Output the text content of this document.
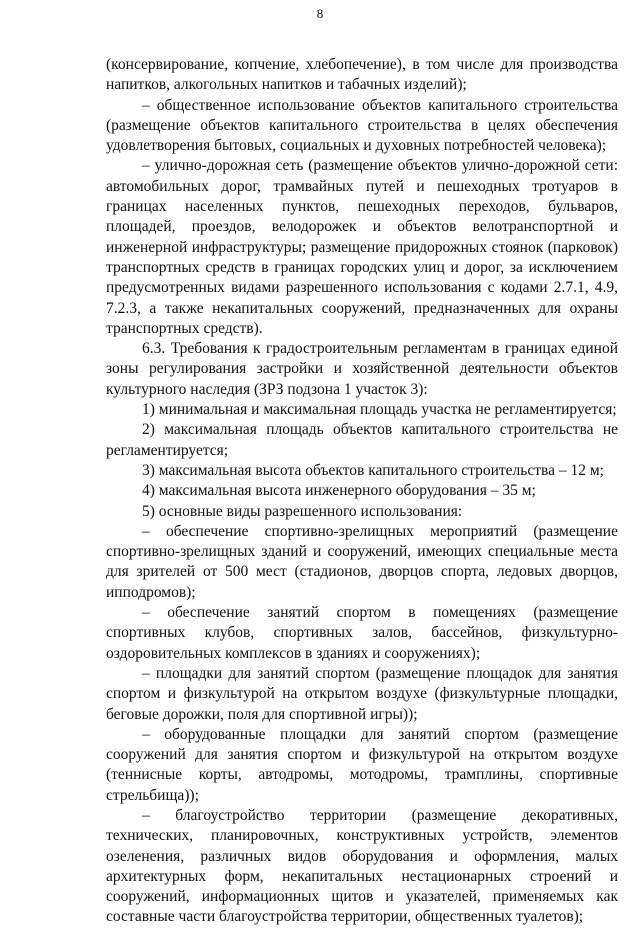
8

(консервирование, копчение, хлебопечение), в том числе для производства напитков, алкогольных напитков и табачных изделий);

– общественное использование объектов капитального строительства (размещение объектов капитального строительства в целях обеспечения удовлетворения бытовых, социальных и духовных потребностей человека);

– улично-дорожная сеть (размещение объектов улично-дорожной сети: автомобильных дорог, трамвайных путей и пешеходных тротуаров в границах населенных пунктов, пешеходных переходов, бульваров, площадей, проездов, велодорожек и объектов велотранспортной и инженерной инфраструктуры; размещение придорожных стоянок (парковок) транспортных средств в границах городских улиц и дорог, за исключением предусмотренных видами разрешенного использования с кодами 2.7.1, 4.9, 7.2.3, а также некапитальных сооружений, предназначенных для охраны транспортных средств).

6.3. Требования к градостроительным регламентам в границах единой зоны регулирования застройки и хозяйственной деятельности объектов культурного наследия (ЗРЗ подзона 1 участок 3):

1) минимальная и максимальная площадь участка не регламентируется;

2) максимальная площадь объектов капитального строительства не регламентируется;

3) максимальная высота объектов капитального строительства – 12 м;

4) максимальная высота инженерного оборудования – 35 м;

5) основные виды разрешенного использования:

– обеспечение спортивно-зрелищных мероприятий (размещение спортивно-зрелищных зданий и сооружений, имеющих специальные места для зрителей от 500 мест (стадионов, дворцов спорта, ледовых дворцов, ипподромов);

– обеспечение занятий спортом в помещениях (размещение спортивных клубов, спортивных залов, бассейнов, физкультурно-оздоровительных комплексов в зданиях и сооружениях);

– площадки для занятий спортом (размещение площадок для занятия спортом и физкультурой на открытом воздухе (физкультурные площадки, беговые дорожки, поля для спортивной игры));

– оборудованные площадки для занятий спортом (размещение сооружений для занятия спортом и физкультурой на открытом воздухе (теннисные корты, автодромы, мотодромы, трамплины, спортивные стрельбища));

– благоустройство территории (размещение декоративных, технических, планировочных, конструктивных устройств, элементов озеленения, различных видов оборудования и оформления, малых архитектурных форм, некапитальных нестационарных строений и сооружений, информационных щитов и указателей, применяемых как составные части благоустройства территории, общественных туалетов);
